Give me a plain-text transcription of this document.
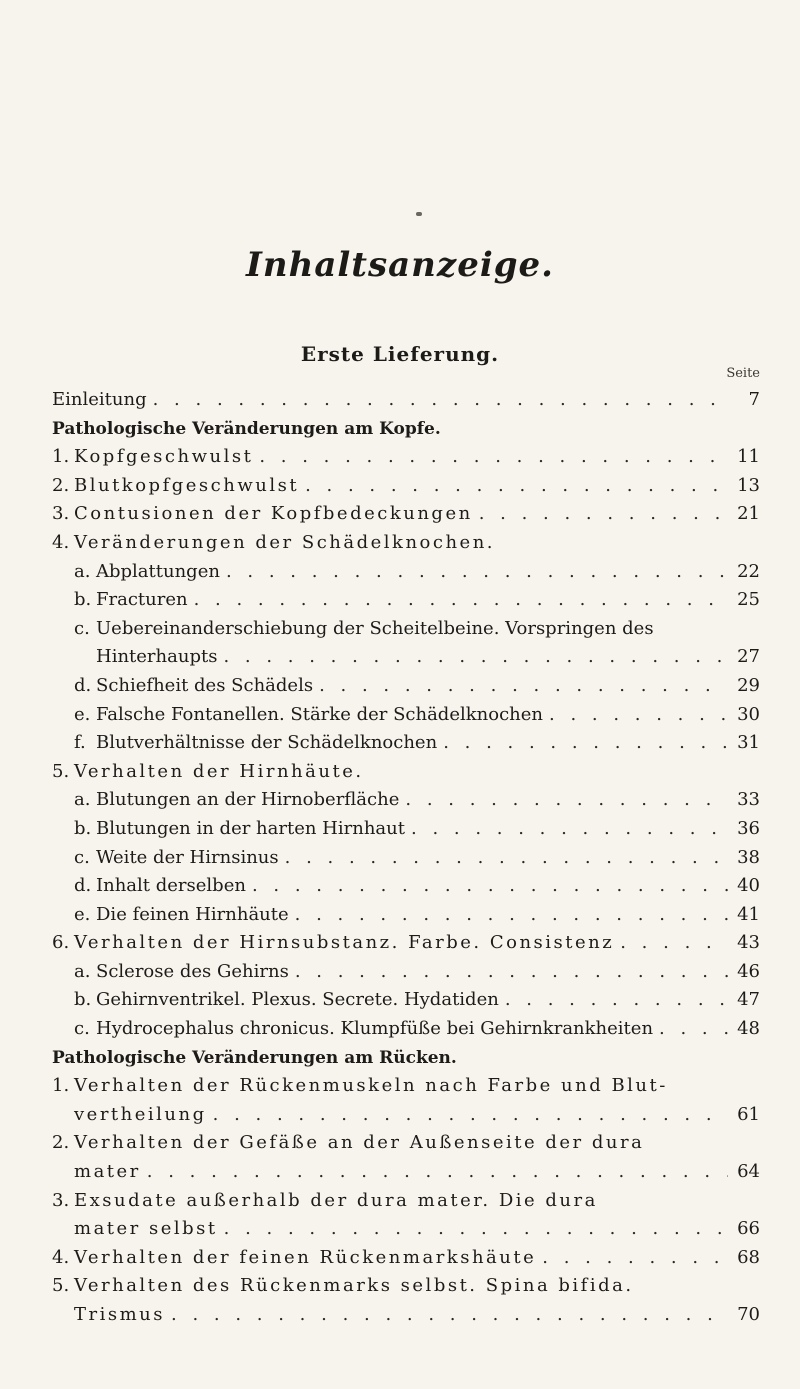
Inhaltsanzeige.
Erste Lieferung.
Seite
Einleitung . . .	7
Pathologische Veränderungen am Kopfe.
1. Kopfgeschwulst . . .	11
2. Blutkopfgeschwulst . . .	13
3. Contusionen der Kopfbedeckungen . . .	21
4. Veränderungen der Schädelknochen.
a. Abplattungen . . .	22
b. Fracturen . . .	25
c. Uebereinanderschiebung der Scheitelbeine. Vorspringen des
Hinterhaupts . . .	27
d. Schiefheit des Schädels . . .	29
e. Falsche Fontanellen. Stärke der Schädelknochen . . .	30
f. Blutverhältnisse der Schädelknochen . . .	31
5. Verhalten der Hirnhäute.
a. Blutungen an der Hirnoberfläche . . .	33
b. Blutungen in der harten Hirnhaut . . .	36
c. Weite der Hirnsinus . . .	38
d. Inhalt derselben . . .	40
e. Die feinen Hirnhäute . . .	41
6. Verhalten der Hirnsubstanz. Farbe. Consistenz . . .	43
a. Sclerose des Gehirns . . .	46
b. Gehirnventrikel. Plexus. Secrete. Hydatiden . . .	47
c. Hydrocephalus chronicus. Klumpfüße bei Gehirnkrankheiten . . .	48
Pathologische Veränderungen am Rücken.
1. Verhalten der Rückenmuskeln nach Farbe und Blut-
vertheilung . . .	61
2. Verhalten der Gefäße an der Außenseite der dura
mater . . .	64
3. Exsudate außerhalb der dura mater. Die dura
mater selbst . . .	66
4. Verhalten der feinen Rückenmarkshäute . . .	68
5. Verhalten des Rückenmarks selbst. Spina bifida.
Trismus . . .	70
